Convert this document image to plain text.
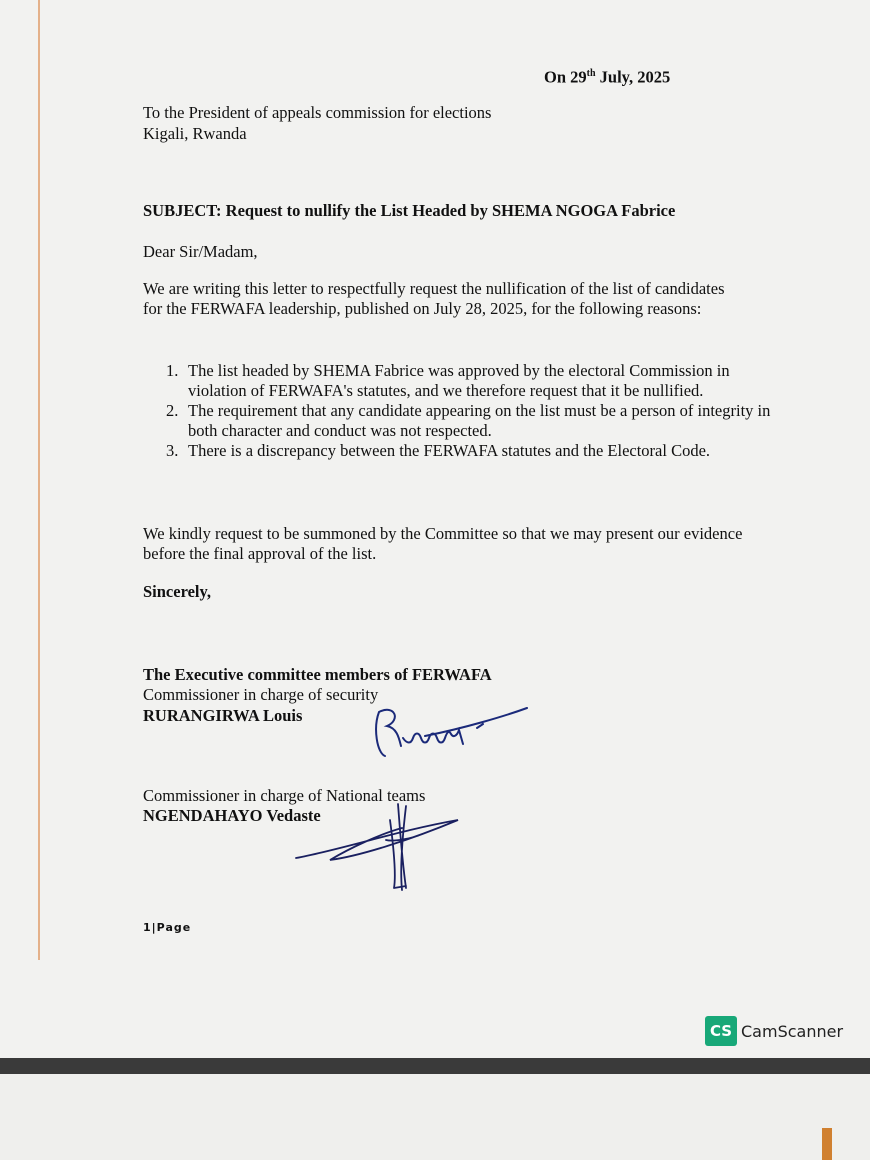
On 29th July, 2025
To the President of appeals commission for elections
Kigali, Rwanda
SUBJECT: Request to nullify the List Headed by SHEMA NGOGA Fabrice
Dear Sir/Madam,
We are writing this letter to respectfully request the nullification of the list of candidates for the FERWAFA leadership, published on July 28, 2025, for the following reasons:
1. The list headed by SHEMA Fabrice was approved by the electoral Commission in violation of FERWAFA's statutes, and we therefore request that it be nullified.
2. The requirement that any candidate appearing on the list must be a person of integrity in both character and conduct was not respected.
3. There is a discrepancy between the FERWAFA statutes and the Electoral Code.
We kindly request to be summoned by the Committee so that we may present our evidence before the final approval of the list.
Sincerely,
The Executive committee members of FERWAFA
Commissioner in charge of security
RURANGIRWA Louis
Commissioner in charge of National teams
NGENDAHAYO Vedaste
1|Page
CS CamScanner
